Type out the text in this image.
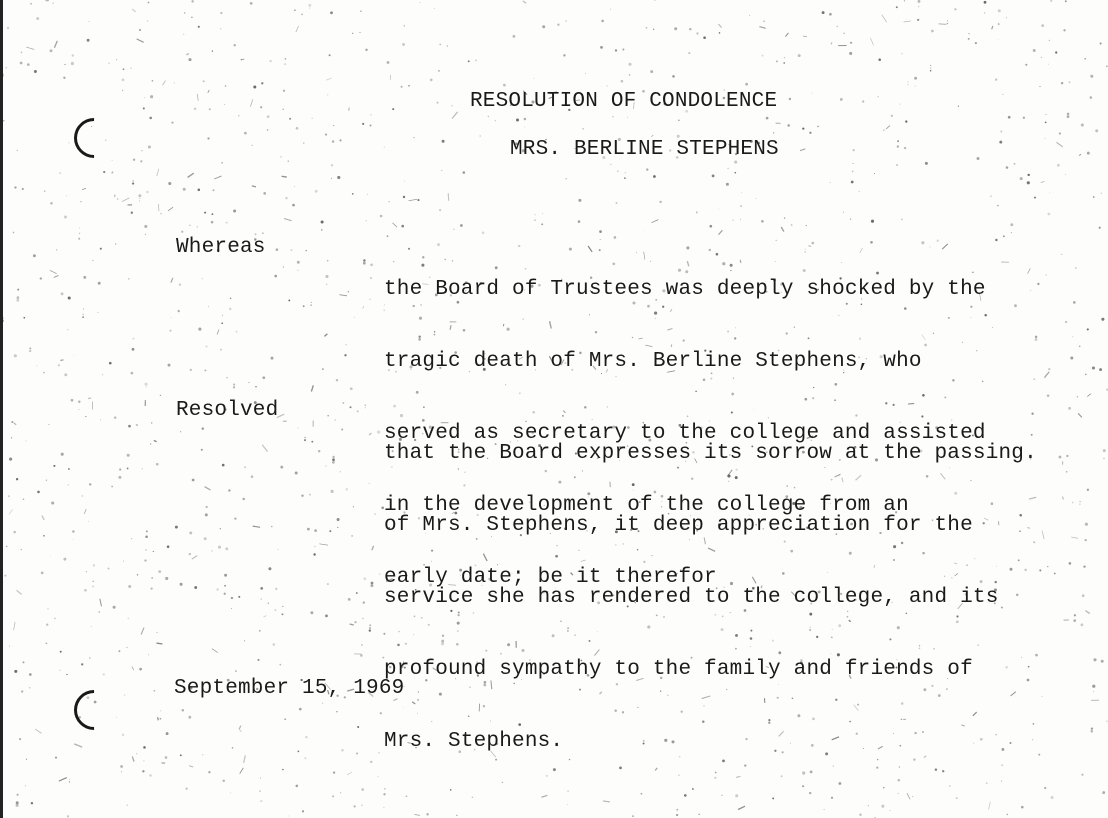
RESOLUTION OF CONDOLENCE
MRS. BERLINE STEPHENS
Whereas

the Board of Trustees was deeply shocked by the

tragic death of Mrs. Berline Stephens, who

served as secretary to the college and assisted

in the development of the college from an

early date; be it therefor

Resolved

that the Board expresses its sorrow at the passing.

of Mrs. Stephens, it deep appreciation for the

service she has rendered to the college, and its

profound sympathy to the family and friends of

Mrs. Stephens.

September 15, 1969
